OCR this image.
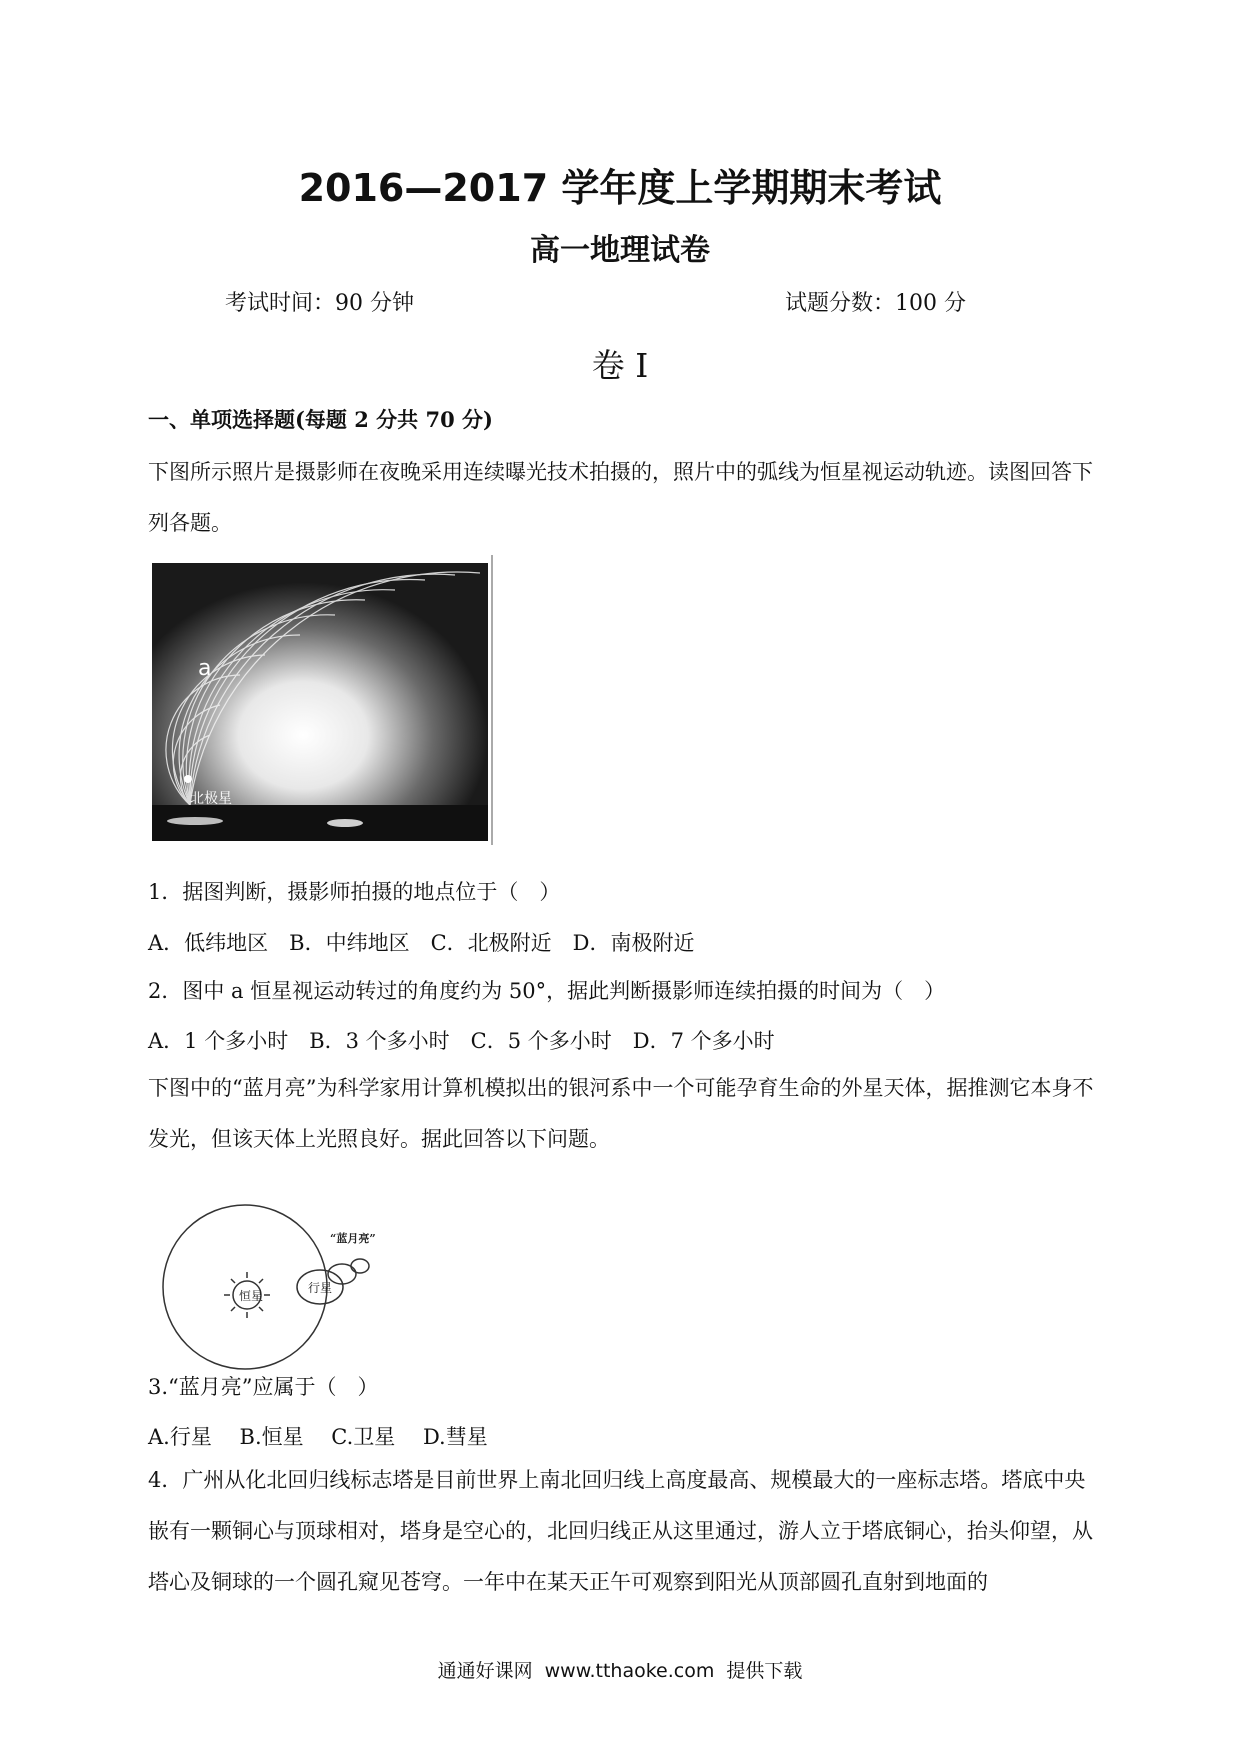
2016—2017 学年度上学期期末考试
高一地理试卷
考试时间：90 分钟	试题分数：100 分
卷 I
一、单项选择题(每题 2 分共 70 分)
下图所示照片是摄影师在夜晚采用连续曝光技术拍摄的，照片中的弧线为恒星视运动轨迹。读图回答下列各题。
a
北极星
1．据图判断，摄影师拍摄的地点位于（　）
A．低纬地区　B．中纬地区　C．北极附近　D．南极附近
2．图中 a 恒星视运动转过的角度约为 50°，据此判断摄影师连续拍摄的时间为（　）
A．1 个多小时　B．3 个多小时　C．5 个多小时　D．7 个多小时
下图中的“蓝月亮”为科学家用计算机模拟出的银河系中一个可能孕育生命的外星天体，据推测它本身不发光，但该天体上光照良好。据此回答以下问题。
恒星
行星
“蓝月亮”
3.“蓝月亮”应属于（　）
A.行星　 B.恒星　 C.卫星　 D.彗星
4．广州从化北回归线标志塔是目前世界上南北回归线上高度最高、规模最大的一座标志塔。塔底中央嵌有一颗铜心与顶球相对，塔身是空心的，北回归线正从这里通过，游人立于塔底铜心，抬头仰望，从塔心及铜球的一个圆孔窥见苍穹。一年中在某天正午可观察到阳光从顶部圆孔直射到地面的
通通好课网 www.tthaoke.com 提供下载
